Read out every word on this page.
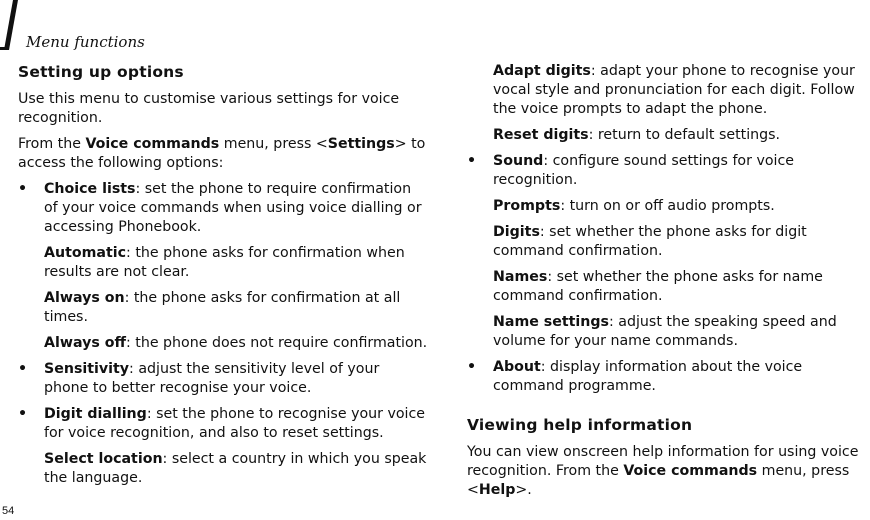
Menu functions
Setting up options

Use this menu to customise various settings for voice recognition.

From the Voice commands menu, press <Settings> to access the following options:

• Choice lists: set the phone to require confirmation of your voice commands when using voice dialling or accessing Phonebook.
Automatic: the phone asks for confirmation when results are not clear.
Always on: the phone asks for confirmation at all times.
Always off: the phone does not require confirmation.
• Sensitivity: adjust the sensitivity level of your phone to better recognise your voice.
• Digit dialling: set the phone to recognise your voice for voice recognition, and also to reset settings.
Select location: select a country in which you speak the language.
Adapt digits: adapt your phone to recognise your vocal style and pronunciation for each digit. Follow the voice prompts to adapt the phone.
Reset digits: return to default settings.
• Sound: configure sound settings for voice recognition.
Prompts: turn on or off audio prompts.
Digits: set whether the phone asks for digit command confirmation.
Names: set whether the phone asks for name command confirmation.
Name settings: adjust the speaking speed and volume for your name commands.
• About: display information about the voice command programme.
Viewing help information

You can view onscreen help information for using voice recognition. From the Voice commands menu, press <Help>.

54
